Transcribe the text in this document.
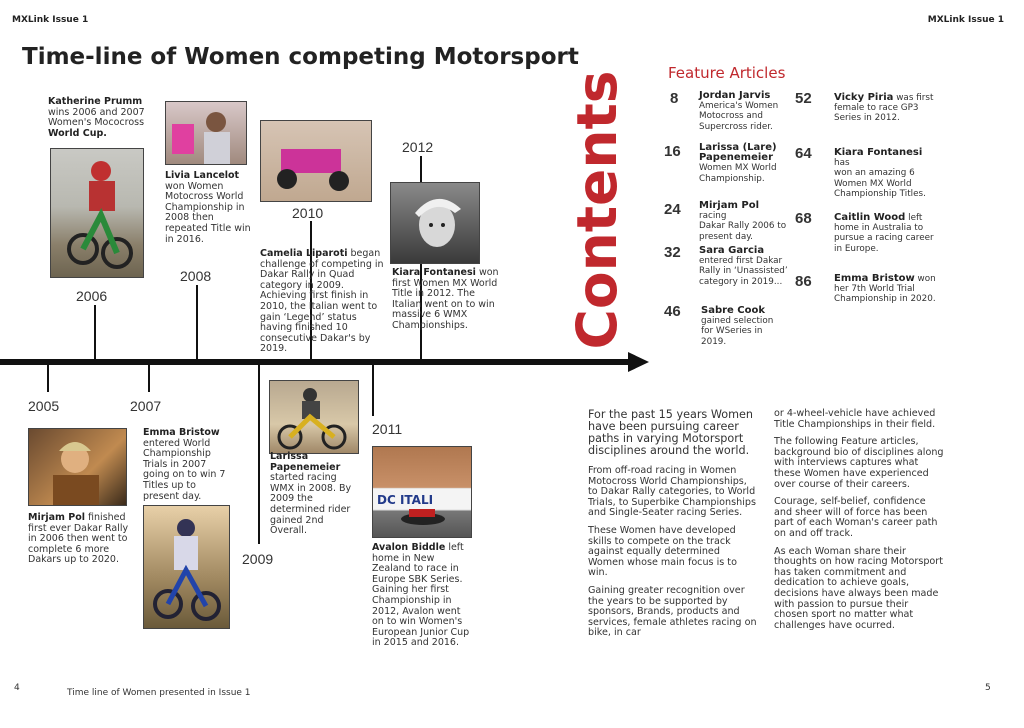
MXLink Issue 1	MXLink Issue 1
Time-line of Women competing Motorsport
2006
2008
2010
2012
2005	2007
2009
2011
DC ITALI
Katherine Prumm
wins 2006 and 2007 Women's Mococross
World Cup.
Livia Lancelot
won Women Motocross World Championship in 2008 then repeated Title win in 2016.
Camelia Liparoti began challenge of competing in Dakar Rally in Quad category in 2009. Achieving first finish in 2010, the Italian went to gain ‘Legend’ status having finished 10 consecutive Dakar's by 2019.
Kiara Fontanesi won first Women MX World Title in 2012. The Italian went on to win massive 6 WMX Championships.
Mirjam Pol finished first ever Dakar Rally in 2006 then went to complete 6 more Dakars up to 2020.
Emma Bristow
entered World Championship Trials in 2007 going on to win 7 Titles up to present day.
Larissa Papenemeier
started racing WMX in 2008. By 2009 the determined rider gained 2nd Overall.
Avalon Biddle left home in New Zealand to race in Europe SBK Series. Gaining her first Championship in 2012, Avalon went on to win Women's European Junior Cup in 2015 and 2016.
Contents	Feature Articles
8 Jordan Jarvis
America's Women Motocross and Supercross rider.
16 Larissa (Lare) Papenemeier
Women MX World Championship.
24 Mirjam Pol racing
Dakar Rally 2006 to present day.
32 Sara Garcia
entered first Dakar Rally in ‘Unassisted’ category in 2019...
46 Sabre Cook
gained selection for WSeries in 2019.
52 Vicky Piria was first
female to race GP3 Series in 2012.
64 Kiara Fontanesi has
won an amazing 6 Women MX World Championship Titles.
68 Caitlin Wood left
home in Australia to pursue a racing career in Europe.
86 Emma Bristow won
her 7th World Trial Championship in 2020.
For the past 15 years Women have been pursuing career paths in varying Motorsport disciplines around the world.

From off-road racing in Women Motocross World Championships, to Dakar Rally categories, to World Trials, to Superbike Championships and Single-Seater racing Series.

These Women have developed skills to compete on the track against equally determined Women whose main focus is to win.

Gaining greater recognition over the years to be supported by sponsors, Brands, products and services, female athletes racing on bike, in car

or 4-wheel-vehicle have achieved Title Championships in their field.

The following Feature articles, background bio of disciplines along with interviews captures what these Women have experienced over course of their careers.

Courage, self-belief, confidence and sheer will of force has been part of each Woman's career path on and off track.

As each Woman share their thoughts on how racing Motorsport has taken commitment and dedication to achieve goals, decisions have always been made with passion to pursue their chosen sport no matter what challenges have ocurred.

4	Time line of Women presented in Issue 1	5
